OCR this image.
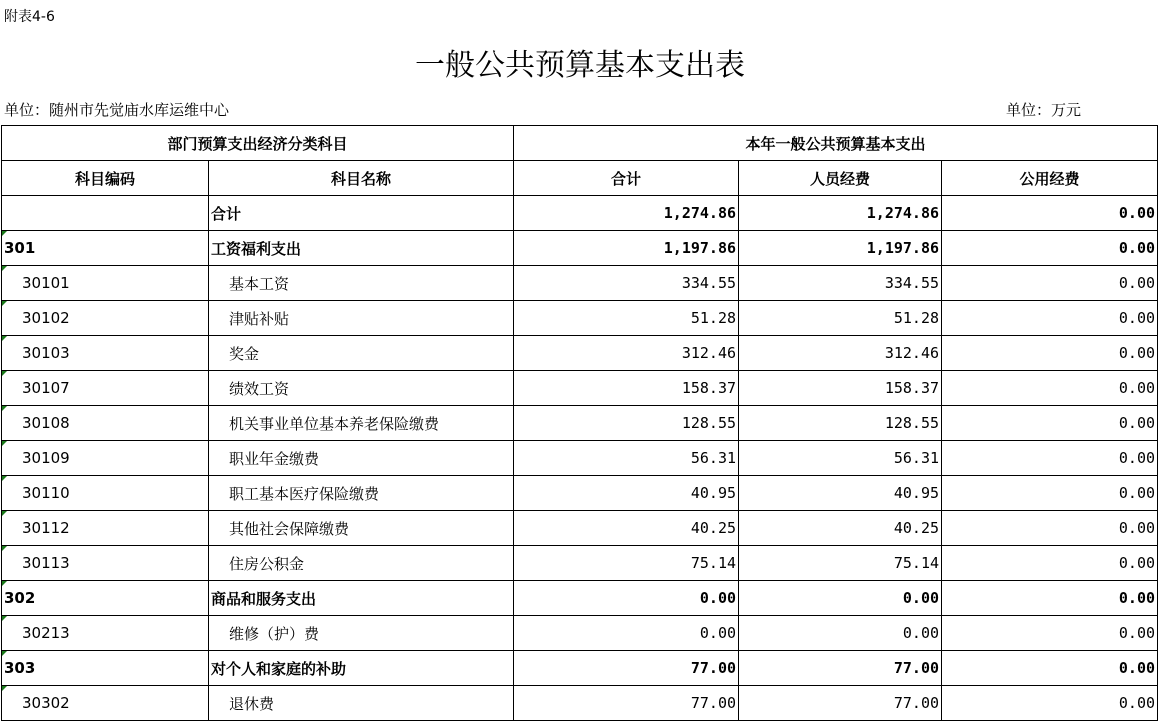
附表4-6
一般公共预算基本支出表
单位：随州市先觉庙水库运维中心	单位：万元
部门预算支出经济分类科目		本年一般公共预算基本支出		
科目编码	科目名称	合计	人员经费	公用经费
	合计	1,274.86	1,274.86	0.00

301	工资福利支出	1,197.86	1,197.86	0.00

30101	基本工资	334.55	334.55	0.00

30102	津贴补贴	51.28	51.28	0.00

30103	奖金	312.46	312.46	0.00

30107	绩效工资	158.37	158.37	0.00

30108	机关事业单位基本养老保险缴费	128.55	128.55	0.00

30109	职业年金缴费	56.31	56.31	0.00

30110	职工基本医疗保险缴费	40.95	40.95	0.00

30112	其他社会保障缴费	40.25	40.25	0.00

30113	住房公积金	75.14	75.14	0.00

302	商品和服务支出	0.00	0.00	0.00

30213	维修（护）费	0.00	0.00	0.00

303	对个人和家庭的补助	77.00	77.00	0.00

30302	退休费	77.00	77.00	0.00
